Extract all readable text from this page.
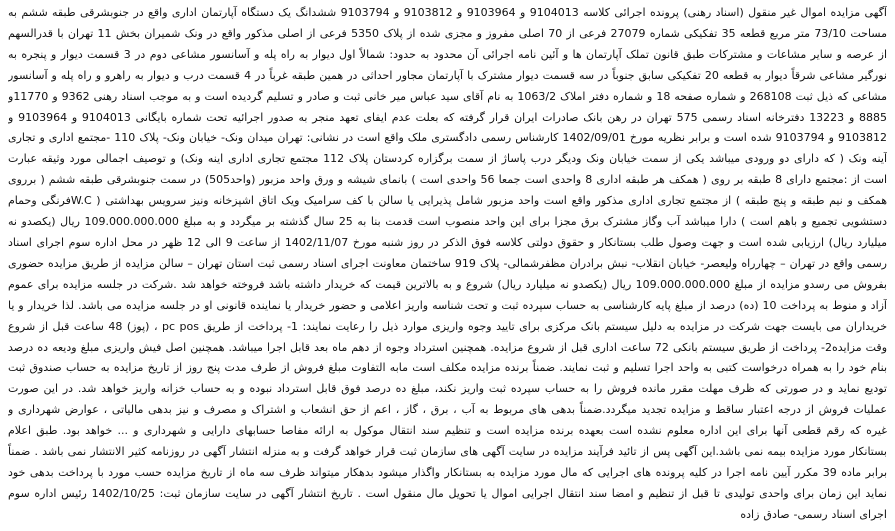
آگهی مزایده اموال غیر منقول (اسناد رهنی) پرونده اجرائی کلاسه 9104013 و 9103964 و 9103812 و 9103794 ششدانگ یک دستگاه آپارتمان اداری واقع در جنوبشرقی طبقه ششم به مساحت 73/10 متر مربع قطعه 35 تفکیکی شماره 27079 فرعی از 70 اصلی مفروز و مجزی شده از پلاک 5350 فرعی از اصلی مذکور واقع در ونک شمیران بخش 11 تهران با قدرالسهم از عرصه و سایر مشاعات و مشترکات طبق قانون تملک آپارتمان ها و آئین نامه اجرائی آن محدود به حدود: شمالاً اول دیوار به راه پله و آسانسور مشاعی دوم در 3 قسمت دیوار و پنجره به نورگیر مشاعی شرقاً دیوار به قطعه 20 تفکیکی سابق جنوباً در سه قسمت دیوار مشترک با آپارتمان مجاور احداثی در همین طبقه غرباً در 4 قسمت درب و دیوار به راهرو و راه پله و آسانسور مشاعی که ذیل ثبت 268108 و شماره صفحه 18 و شماره دفتر املاک 1063/2 به نام آقای سید عباس میر خانی ثبت و صادر و تسلیم گردیده است و به موجب اسناد رهنی 9362 و 11770و 8885 و 13223 دفترخانه اسناد رسمی 575 تهران در رهن بانک صادرات ایران قرار گرفته که بعلت عدم ایفای تعهد منجر به صدور اجرائیه تحت شماره بایگانی 9104013 و 9103964 و 9103812 و 9103794 شده است و برابر نظریه مورخ 1402/09/01 کارشناس رسمی دادگستری ملک واقع است در نشانی: تهران میدان ونک- خیابان ونک- پلاک 110 -مجتمع اداری و تجاری آینه ونک ( که دارای دو ورودی میباشد یکی از سمت خیابان ونک ودیگر درب پاساژ از سمت برگزاره کردستان پلاک 112 مجتمع تجاری اداری اینه ونک) و توصیف اجمالی مورد وثیقه عبارت است از :مجتمع دارای 8 طبقه بر روی ( همکف هر طبقه اداری 8 واحدی است جمعا 56 واحدی است ) بانمای شیشه و ورق واحد مزبور (واحد505) در سمت جنوبشرقی طبقه ششم ( برروی همکف و نیم طبقه و پنج طبقه ) از مجتمع تجاری اداری مذکور واقع است واحد مزبور شامل پذیرایی یا سالن با کف سرامیک ویک اتاق اشپزخانه ونیز سرویس بهداشتی ( W.Cفرنگی وحمام دستشویی تجمیع و باهم است ) دارا میباشد آب وگاز مشترک برق مجزا برای این واحد منصوب است قدمت بنا به 25 سال گذشته بر میگردد و به مبلغ 109.000.000.000 ریال (یکصدو نه میلیارد ریال) ارزیابی شده است و جهت وصول طلب بستانکار و حقوق دولتی کلاسه فوق الذکر در روز شنبه مورخ 1402/11/07 از ساعت 9 الی 12 ظهر در محل اداره سوم اجرای اسناد رسمی واقع در تهران – چهارراه ولیعصر- خیابان انقلاب- نبش برادران مظفرشمالی- پلاک 919 ساختمان معاونت اجرای اسناد رسمی ثبت استان تهران – سالن مزایده از طریق مزایده حضوری بفروش می رسدو مزایده از مبلغ 109.000.000.000 ریال (یکصدو نه میلیارد ریال) شروع و به بالاترین قیمت که خریدار داشته باشد فروخته خواهد شد .شرکت در جلسه مزایده برای عموم آزاد و منوط به پرداخت 10 (ده) درصد از مبلغ پایه کارشناسی به حساب سپرده ثبت و تحت شناسه واریز اعلامی و حضور خریدار یا نماینده قانونی او در جلسه مزایده می باشد. لذا خریدار و یا خریداران می بایست جهت شرکت در مزایده به دلیل سیستم بانک مرکزی برای تایید وجوه واریزی موارد ذیل را رعایت نمایند: 1- پرداخت از طریق pc pos ، (پوز) 48 ساعت قبل از شروع وقت مزایده2- پرداخت از طریق سیستم بانکی 72 ساعت اداری قبل از شروع مزایده. همچنین استرداد وجوه از دهم ماه بعد قابل اجرا میباشد. همچنین اصل فیش واریزی مبلغ ودیعه ده درصد بنام خود را به همراه درخواست کتبی به واحد اجرا تسلیم و ثبت نمایند. ضمناً برنده مزایده مکلف است مابه التفاوت مبلغ فروش از طرف مدت پنج روز از تاریخ مزایده به حساب صندوق ثبت تودیع نماید و در صورتی که ظرف مهلت مقرر مانده فروش را به حساب سپرده ثبت واریز نکند، مبلغ ده درصد فوق قابل استرداد نبوده و به حساب خزانه واریز خواهد شد. در این صورت عملیات فروش از درجه اعتبار ساقط و مزایده تجدید میگردد.ضمناً بدهی های مربوط به آب ، برق ، گاز ، اعم از حق انشعاب و اشتراک و مصرف و نیز بدهی مالیاتی ، عوارض شهرداری و غیره که رقم قطعی آنها برای این اداره معلوم نشده است بعهده برنده مزایده است و تنظیم سند انتقال موکول به ارائه مفاصا حسابهای دارایی و شهرداری و ... خواهد بود. طبق اعلام بستانکار مورد مزایده بیمه نمی باشد.این آگهی پس از تائید فرآیند مزایده در سایت آگهی های سازمان ثبت قرار خواهد گرفت و به منزله انتشار آگهی در روزنامه کثیر الانتشار نمی باشد . ضمناً برابر ماده 39 مکرر آیین نامه اجرا در کلیه پرونده های اجرایی که مال مورد مزایده به بستانکار واگذار میشود بدهکار میتواند ظرف سه ماه از تاریخ مزایده حسب مورد با پرداخت بدهی خود نماید این زمان برای واحدی تولیدی تا قبل از تنظیم و امضا سند انتقال اجرایی اموال یا تحویل مال منقول است . تاریخ انتشار آگهی در سایت سازمان ثبت: 1402/10/25 رئیس اداره سوم اجرای اسناد رسمی- صادق زاده
